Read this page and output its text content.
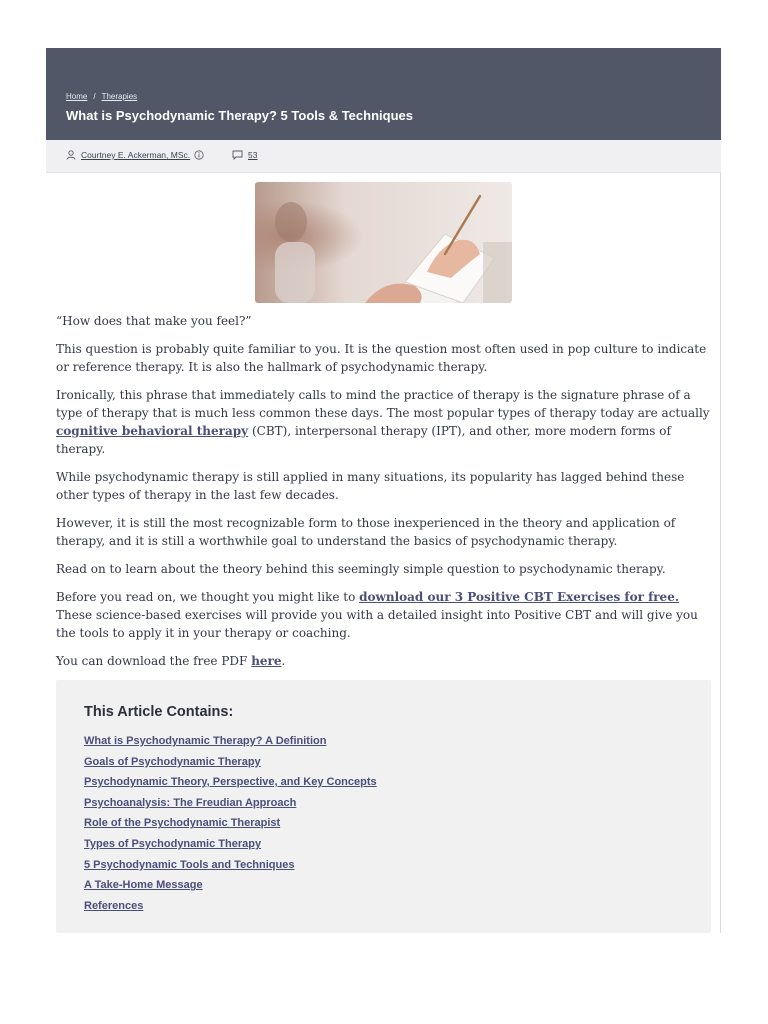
Home / Therapies
What is Psychodynamic Therapy? 5 Tools & Techniques
Courtney E. Ackerman, MSc.	53

“How does that make you feel?”

This question is probably quite familiar to you. It is the question most often used in pop culture to indicate or reference therapy. It is also the hallmark of psychodynamic therapy.

Ironically, this phrase that immediately calls to mind the practice of therapy is the signature phrase of a type of therapy that is much less common these days. The most popular types of therapy today are actually cognitive behavioral therapy (CBT), interpersonal therapy (IPT), and other, more modern forms of therapy.

While psychodynamic therapy is still applied in many situations, its popularity has lagged behind these other types of therapy in the last few decades.

However, it is still the most recognizable form to those inexperienced in the theory and application of therapy, and it is still a worthwhile goal to understand the basics of psychodynamic therapy.

Read on to learn about the theory behind this seemingly simple question to psychodynamic therapy.

Before you read on, we thought you might like to download our 3 Positive CBT Exercises for free. These science-based exercises will provide you with a detailed insight into Positive CBT and will give you the tools to apply it in your therapy or coaching.

You can download the free PDF here.

This Article Contains:
What is Psychodynamic Therapy? A Definition
Goals of Psychodynamic Therapy
Psychodynamic Theory, Perspective, and Key Concepts
Psychoanalysis: The Freudian Approach
Role of the Psychodynamic Therapist
Types of Psychodynamic Therapy
5 Psychodynamic Tools and Techniques
A Take-Home Message
References
